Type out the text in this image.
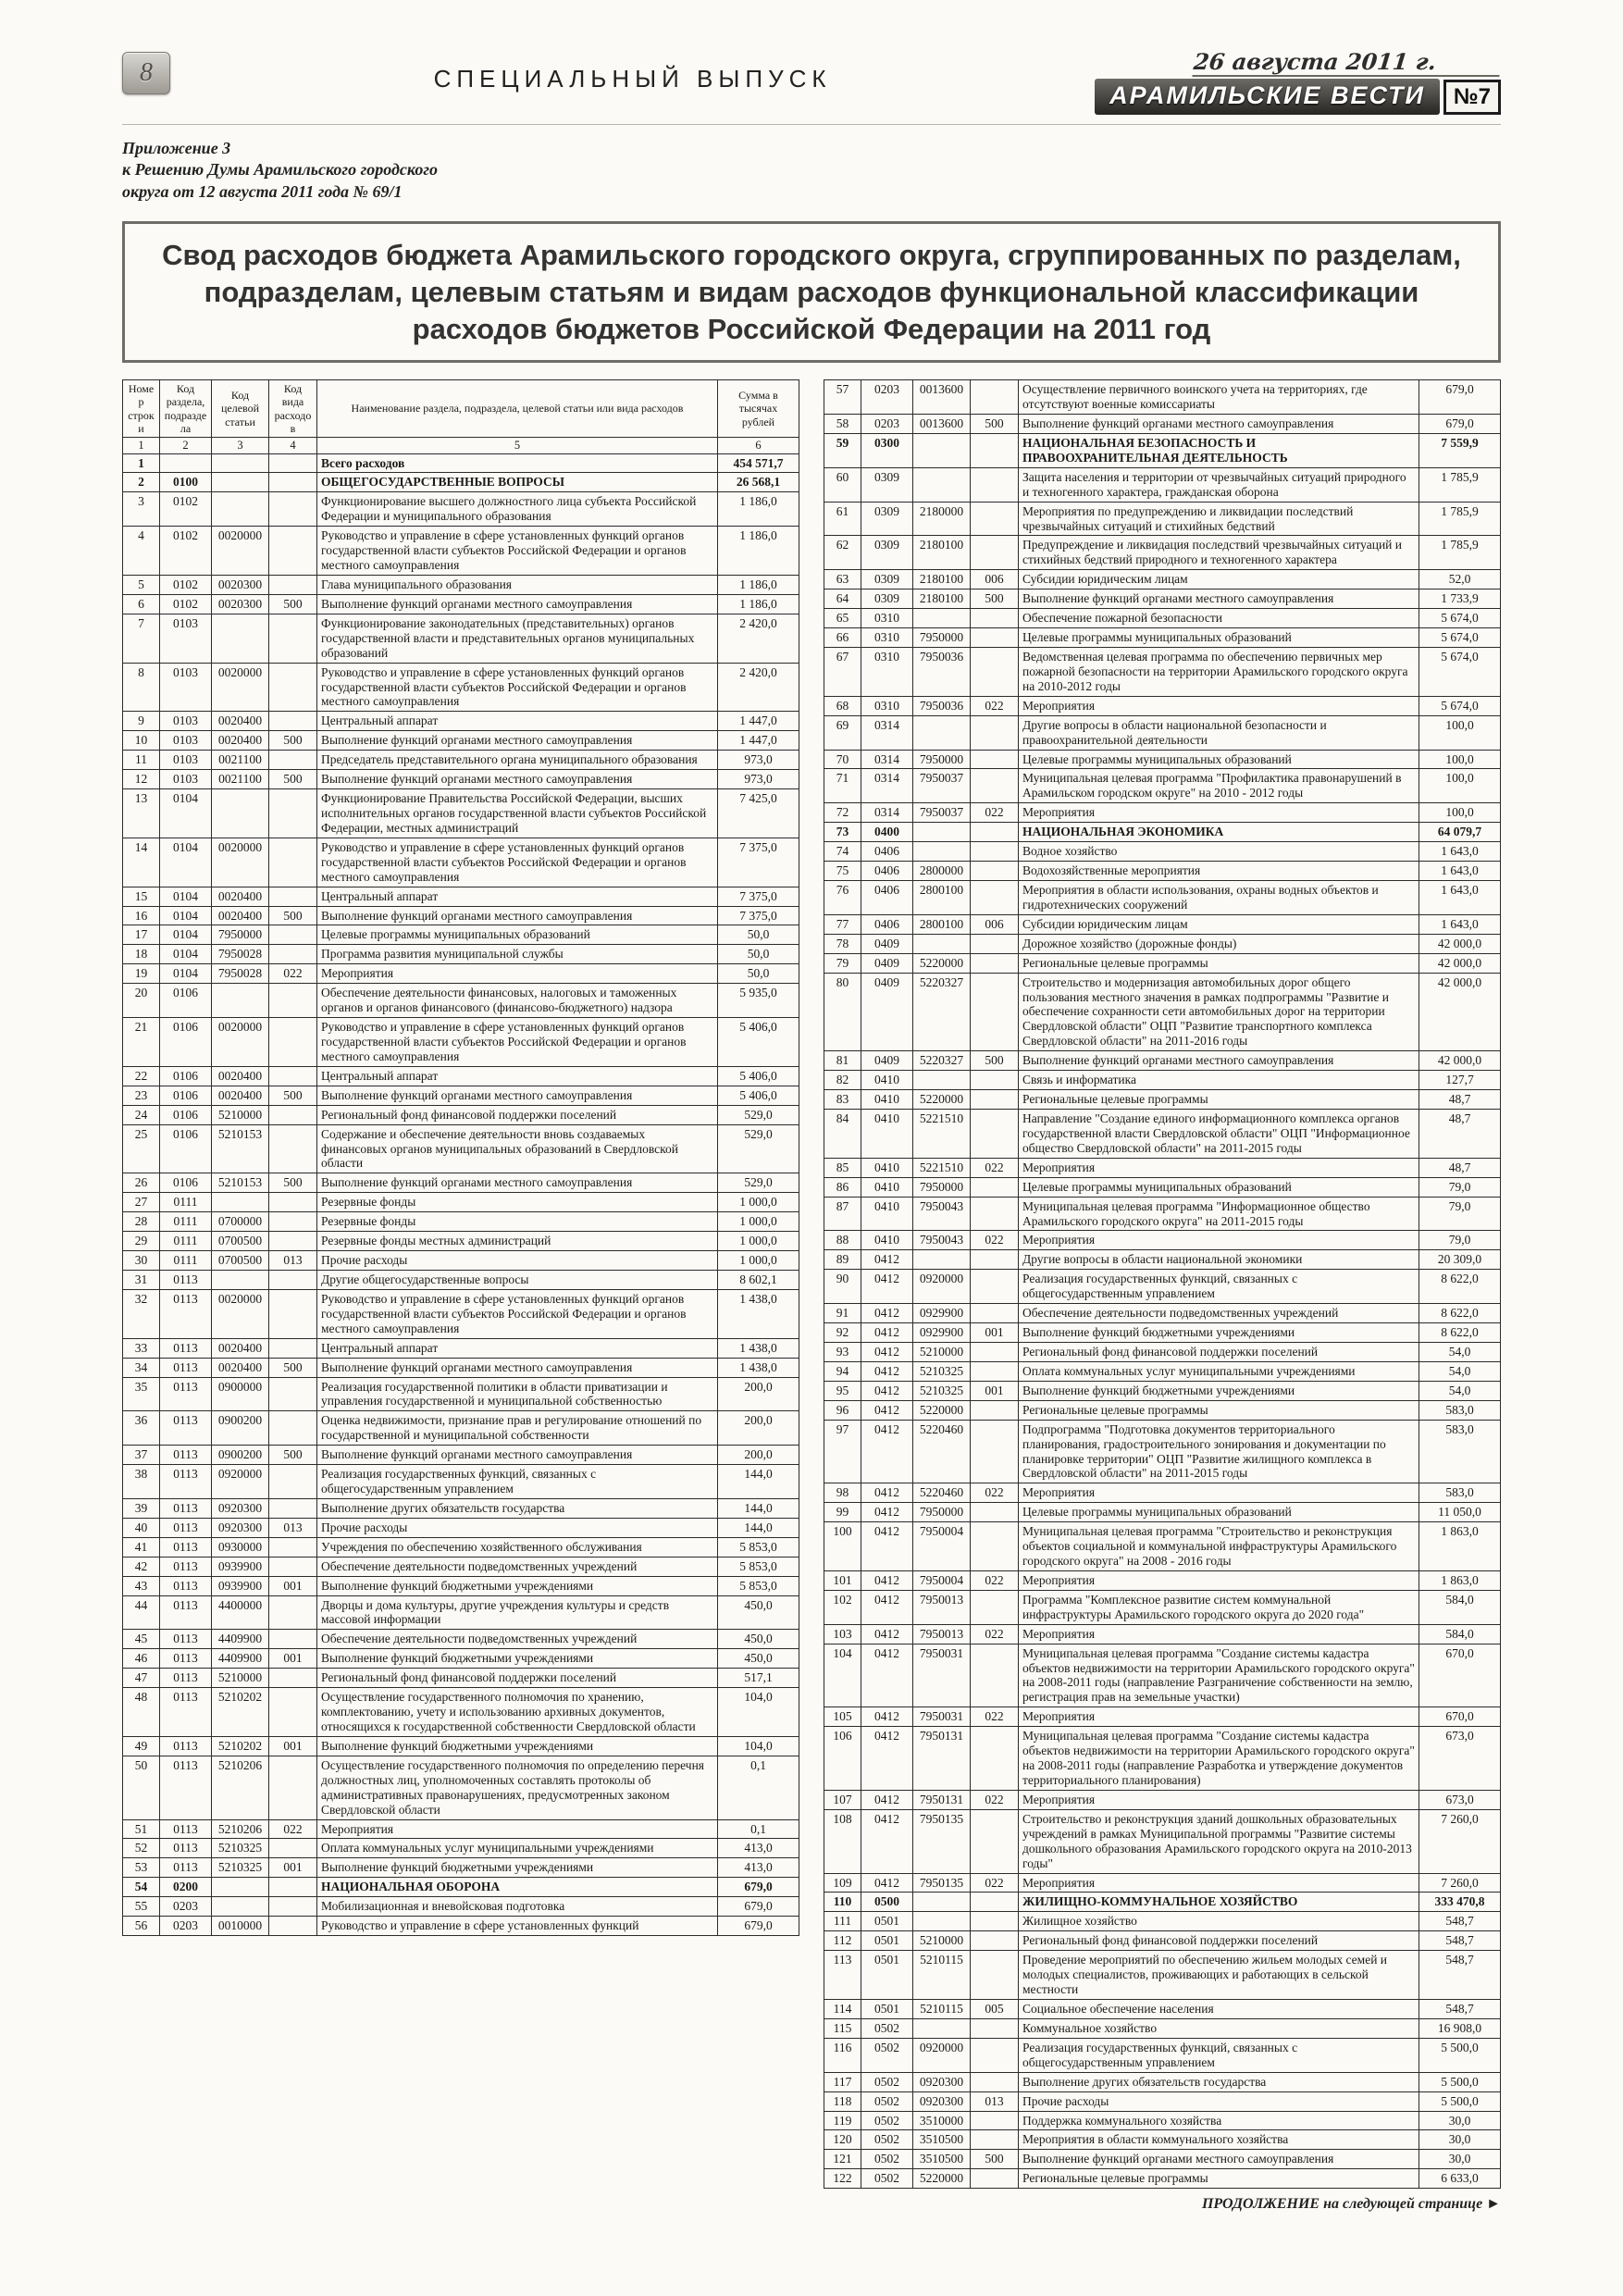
8	СПЕЦИАЛЬНЫЙ ВЫПУСК
26 августа 2011 г.
АРАМИЛЬСКИЕ ВЕСТИ	№7
Приложение 3
к Решению Думы Арамильского городского
округа от 12 августа 2011 года № 69/1
Свод расходов бюджета Арамильского городского округа, сгруппированных по разделам, подразделам, целевым статьям и видам расходов функциональной классификации расходов бюджетов Российской Федерации на 2011 год
Номер строки	Код раздела, подраздела	Код целевой статьи	Код вида расходов	Наименование раздела, подраздела, целевой статьи или вида расходов	Сумма в тысячах рублей
1	2	3	4	5	6
1				Всего расходов	454 571,7
2	0100			ОБЩЕГОСУДАРСТВЕННЫЕ ВОПРОСЫ	26 568,1
3	0102			Функционирование высшего должностного лица субъекта Российской Федерации и муниципального образования	1 186,0
4	0102	0020000		Руководство и управление в сфере установленных функций органов государственной власти субъектов Российской Федерации и органов местного самоуправления	1 186,0
5	0102	0020300		Глава муниципального образования	1 186,0
6	0102	0020300	500	Выполнение функций органами местного самоуправления	1 186,0
7	0103			Функционирование законодательных (представительных) органов государственной власти и представительных органов муниципальных образований	2 420,0
8	0103	0020000		Руководство и управление в сфере установленных функций органов государственной власти субъектов Российской Федерации и органов местного самоуправления	2 420,0
9	0103	0020400		Центральный аппарат	1 447,0
10	0103	0020400	500	Выполнение функций органами местного самоуправления	1 447,0
11	0103	0021100		Председатель представительного органа муниципального образования	973,0
12	0103	0021100	500	Выполнение функций органами местного самоуправления	973,0
13	0104			Функционирование Правительства Российской Федерации, высших исполнительных органов государственной власти субъектов Российской Федерации, местных администраций	7 425,0
14	0104	0020000		Руководство и управление в сфере установленных функций органов государственной власти субъектов Российской Федерации и органов местного самоуправления	7 375,0
15	0104	0020400		Центральный аппарат	7 375,0
16	0104	0020400	500	Выполнение функций органами местного самоуправления	7 375,0
17	0104	7950000		Целевые программы муниципальных образований	50,0
18	0104	7950028		Программа развития муниципальной службы	50,0
19	0104	7950028	022	Мероприятия	50,0
20	0106			Обеспечение деятельности финансовых, налоговых и таможенных органов и органов финансового (финансово-бюджетного) надзора	5 935,0
21	0106	0020000		Руководство и управление в сфере установленных функций органов государственной власти субъектов Российской Федерации и органов местного самоуправления	5 406,0
22	0106	0020400		Центральный аппарат	5 406,0
23	0106	0020400	500	Выполнение функций органами местного самоуправления	5 406,0
24	0106	5210000		Региональный фонд финансовой поддержки поселений	529,0
25	0106	5210153		Содержание и обеспечение деятельности вновь создаваемых финансовых органов муниципальных образований в Свердловской области	529,0
26	0106	5210153	500	Выполнение функций органами местного самоуправления	529,0
27	0111			Резервные фонды	1 000,0
28	0111	0700000		Резервные фонды	1 000,0
29	0111	0700500		Резервные фонды местных администраций	1 000,0
30	0111	0700500	013	Прочие расходы	1 000,0
31	0113			Другие общегосударственные вопросы	8 602,1
32	0113	0020000		Руководство и управление в сфере установленных функций органов государственной власти субъектов Российской Федерации и органов местного самоуправления	1 438,0
33	0113	0020400		Центральный аппарат	1 438,0
34	0113	0020400	500	Выполнение функций органами местного самоуправления	1 438,0
35	0113	0900000		Реализация государственной политики в области приватизации и управления государственной и муниципальной собственностью	200,0
36	0113	0900200		Оценка недвижимости, признание прав и регулирование отношений по государственной и муниципальной собственности	200,0
37	0113	0900200	500	Выполнение функций органами местного самоуправления	200,0
38	0113	0920000		Реализация государственных функций, связанных с общегосударственным управлением	144,0
39	0113	0920300		Выполнение других обязательств государства	144,0
40	0113	0920300	013	Прочие расходы	144,0
41	0113	0930000		Учреждения по обеспечению хозяйственного обслуживания	5 853,0
42	0113	0939900		Обеспечение деятельности подведомственных учреждений	5 853,0
43	0113	0939900	001	Выполнение функций бюджетными учреждениями	5 853,0
44	0113	4400000		Дворцы и дома культуры, другие учреждения культуры и средств массовой информации	450,0
45	0113	4409900		Обеспечение деятельности подведомственных учреждений	450,0
46	0113	4409900	001	Выполнение функций бюджетными учреждениями	450,0
47	0113	5210000		Региональный фонд финансовой поддержки поселений	517,1
48	0113	5210202		Осуществление государственного полномочия по хранению, комплектованию, учету и использованию архивных документов, относящихся к государственной собственности Свердловской области	104,0
49	0113	5210202	001	Выполнение функций бюджетными учреждениями	104,0
50	0113	5210206		Осуществление государственного полномочия по определению перечня должностных лиц, уполномоченных составлять протоколы об административных правонарушениях, предусмотренных законом Свердловской области	0,1
51	0113	5210206	022	Мероприятия	0,1
52	0113	5210325		Оплата коммунальных услуг муниципальными учреждениями	413,0
53	0113	5210325	001	Выполнение функций бюджетными учреждениями	413,0
54	0200			НАЦИОНАЛЬНАЯ ОБОРОНА	679,0
55	0203			Мобилизационная и вневойсковая подготовка	679,0
56	0203	0010000		Руководство и управление в сфере установленных функций	679,0
57	0203	0013600		Осуществление первичного воинского учета на территориях, где отсутствуют военные комиссариаты	679,0
58	0203	0013600	500	Выполнение функций органами местного самоуправления	679,0
59	0300			НАЦИОНАЛЬНАЯ БЕЗОПАСНОСТЬ И ПРАВООХРАНИТЕЛЬНАЯ ДЕЯТЕЛЬНОСТЬ	7 559,9
60	0309			Защита населения и территории от чрезвычайных ситуаций природного и техногенного характера, гражданская оборона	1 785,9
61	0309	2180000		Мероприятия по предупреждению и ликвидации последствий чрезвычайных ситуаций и стихийных бедствий	1 785,9
62	0309	2180100		Предупреждение и ликвидация последствий чрезвычайных ситуаций и стихийных бедствий природного и техногенного характера	1 785,9
63	0309	2180100	006	Субсидии юридическим лицам	52,0
64	0309	2180100	500	Выполнение функций органами местного самоуправления	1 733,9
65	0310			Обеспечение пожарной безопасности	5 674,0
66	0310	7950000		Целевые программы муниципальных образований	5 674,0
67	0310	7950036		Ведомственная целевая программа по обеспечению первичных мер пожарной безопасности на территории Арамильского городского округа на 2010-2012 годы	5 674,0
68	0310	7950036	022	Мероприятия	5 674,0
69	0314			Другие вопросы в области национальной безопасности и правоохранительной деятельности	100,0
70	0314	7950000		Целевые программы муниципальных образований	100,0
71	0314	7950037		Муниципальная целевая программа "Профилактика правонарушений в Арамильском городском округе" на 2010 - 2012 годы	100,0
72	0314	7950037	022	Мероприятия	100,0
73	0400			НАЦИОНАЛЬНАЯ ЭКОНОМИКА	64 079,7
74	0406			Водное хозяйство	1 643,0
75	0406	2800000		Водохозяйственные мероприятия	1 643,0
76	0406	2800100		Мероприятия в области использования, охраны водных объектов и гидротехнических сооружений	1 643,0
77	0406	2800100	006	Субсидии юридическим лицам	1 643,0
78	0409			Дорожное хозяйство (дорожные фонды)	42 000,0
79	0409	5220000		Региональные целевые программы	42 000,0
80	0409	5220327		Строительство и модернизация автомобильных дорог общего пользования местного значения в рамках подпрограммы "Развитие и обеспечение сохранности сети автомобильных дорог на территории Свердловской области" ОЦП "Развитие транспортного комплекса Свердловской области" на 2011-2016 годы	42 000,0
81	0409	5220327	500	Выполнение функций органами местного самоуправления	42 000,0
82	0410			Связь и информатика	127,7
83	0410	5220000		Региональные целевые программы	48,7
84	0410	5221510		Направление "Создание единого информационного комплекса органов государственной власти Свердловской области" ОЦП "Информационное общество Свердловской области" на 2011-2015 годы	48,7
85	0410	5221510	022	Мероприятия	48,7
86	0410	7950000		Целевые программы муниципальных образований	79,0
87	0410	7950043		Муниципальная целевая программа "Информационное общество Арамильского городского округа" на 2011-2015 годы	79,0
88	0410	7950043	022	Мероприятия	79,0
89	0412			Другие вопросы в области национальной экономики	20 309,0
90	0412	0920000		Реализация государственных функций, связанных с общегосударственным управлением	8 622,0
91	0412	0929900		Обеспечение деятельности подведомственных учреждений	8 622,0
92	0412	0929900	001	Выполнение функций бюджетными учреждениями	8 622,0
93	0412	5210000		Региональный фонд финансовой поддержки поселений	54,0
94	0412	5210325		Оплата коммунальных услуг муниципальными учреждениями	54,0
95	0412	5210325	001	Выполнение функций бюджетными учреждениями	54,0
96	0412	5220000		Региональные целевые программы	583,0
97	0412	5220460		Подпрограмма "Подготовка документов территориального планирования, градостроительного зонирования и документации по планировке территории" ОЦП "Развитие жилищного комплекса в Свердловской области" на 2011-2015 годы	583,0
98	0412	5220460	022	Мероприятия	583,0
99	0412	7950000		Целевые программы муниципальных образований	11 050,0
100	0412	7950004		Муниципальная целевая программа "Строительство и реконструкция объектов социальной и коммунальной инфраструктуры Арамильского городского округа" на 2008 - 2016 годы	1 863,0
101	0412	7950004	022	Мероприятия	1 863,0
102	0412	7950013		Программа "Комплексное развитие систем коммунальной инфраструктуры Арамильского городского округа до 2020 года"	584,0
103	0412	7950013	022	Мероприятия	584,0
104	0412	7950031		Муниципальная целевая программа "Создание системы кадастра объектов недвижимости на территории Арамильского городского округа" на 2008-2011 годы (направление Разграничение собственности на землю, регистрация прав на земельные участки)	670,0
105	0412	7950031	022	Мероприятия	670,0
106	0412	7950131		Муниципальная целевая программа "Создание системы кадастра объектов недвижимости на территории Арамильского городского округа" на 2008-2011 годы (направление Разработка и утверждение документов территориального планирования)	673,0
107	0412	7950131	022	Мероприятия	673,0
108	0412	7950135		Строительство и реконструкция зданий дошкольных образовательных учреждений в рамках Муниципальной программы "Развитие системы дошкольного образования Арамильского городского округа на 2010-2013 годы"	7 260,0
109	0412	7950135	022	Мероприятия	7 260,0
110	0500			ЖИЛИЩНО-КОММУНАЛЬНОЕ ХОЗЯЙСТВО	333 470,8
111	0501			Жилищное хозяйство	548,7
112	0501	5210000		Региональный фонд финансовой поддержки поселений	548,7
113	0501	5210115		Проведение мероприятий по обеспечению жильем молодых семей и молодых специалистов, проживающих и работающих в сельской местности	548,7
114	0501	5210115	005	Социальное обеспечение населения	548,7
115	0502			Коммунальное хозяйство	16 908,0
116	0502	0920000		Реализация государственных функций, связанных с общегосударственным управлением	5 500,0
117	0502	0920300		Выполнение других обязательств государства	5 500,0
118	0502	0920300	013	Прочие расходы	5 500,0
119	0502	3510000		Поддержка коммунального хозяйства	30,0
120	0502	3510500		Мероприятия в области коммунального хозяйства	30,0
121	0502	3510500	500	Выполнение функций органами местного самоуправления	30,0
122	0502	5220000		Региональные целевые программы	6 633,0
ПРОДОЛЖЕНИЕ на следующей странице ►
